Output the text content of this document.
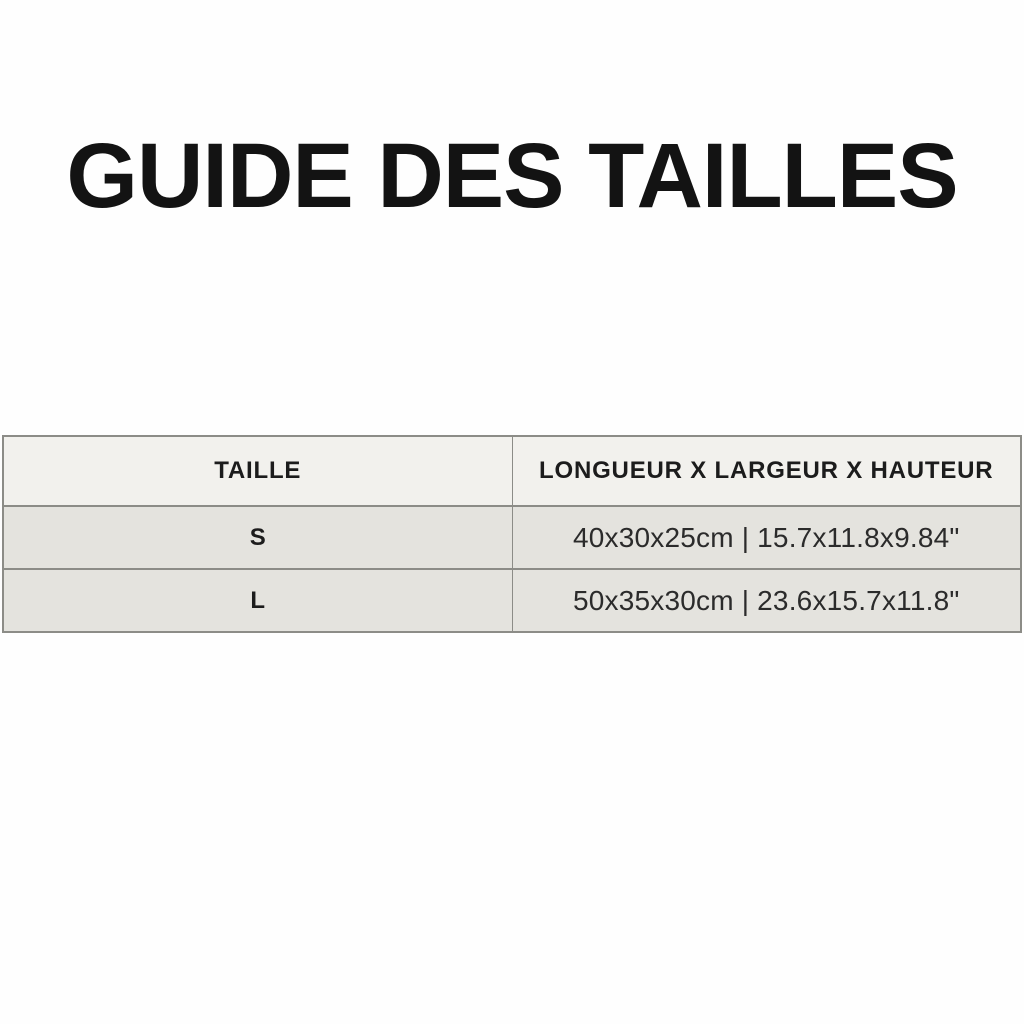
GUIDE DES TAILLES
TAILLE	LONGUEUR X LARGEUR X HAUTEUR
S	40x30x25cm | 15.7x11.8x9.84"
L	50x35x30cm | 23.6x15.7x11.8"
